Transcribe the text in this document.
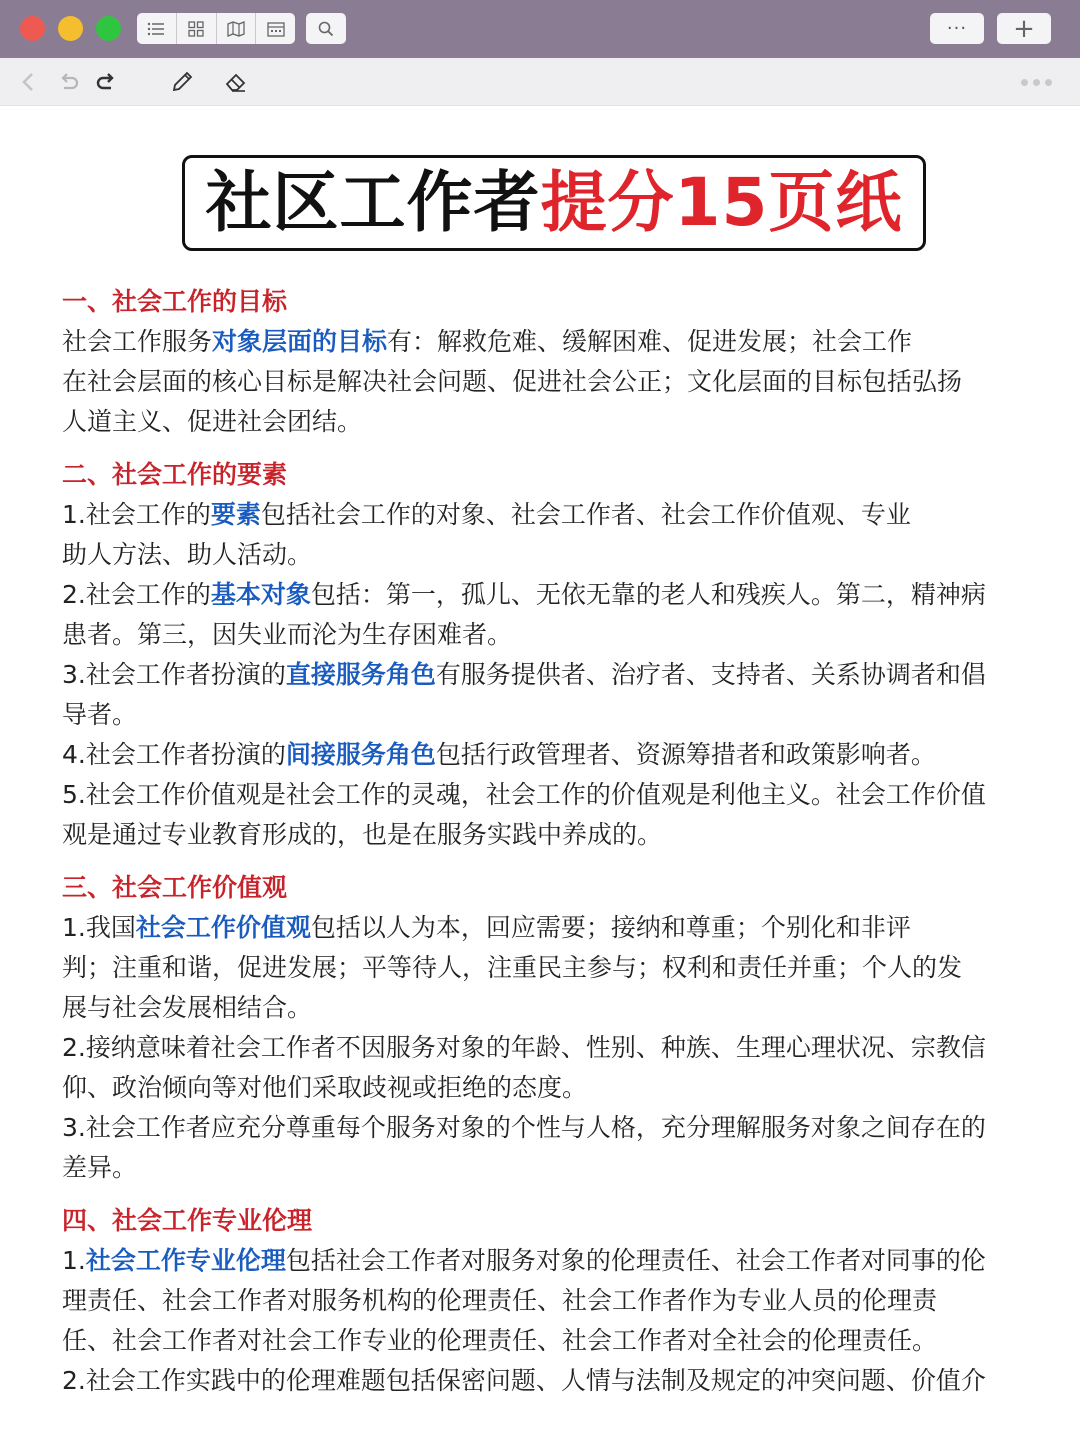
··· +
社区工作者 提分15页纸
一、社会工作的目标
社会工作服务对象层面的目标有：解救危难、缓解困难、促进发展；社会工作
在社会层面的核心目标是解决社会问题、促进社会公正；文化层面的目标包括弘扬
人道主义、促进社会团结。
二、社会工作的要素
1.社会工作的要素包括社会工作的对象、社会工作者、社会工作价值观、专业
助人方法、助人活动。
2.社会工作的基本对象包括：第一，孤儿、无依无靠的老人和残疾人。第二，精神病
患者。第三，因失业而沦为生存困难者。
3.社会工作者扮演的直接服务角色有服务提供者、治疗者、支持者、关系协调者和倡
导者。
4.社会工作者扮演的间接服务角色包括行政管理者、资源筹措者和政策影响者。
5.社会工作价值观是社会工作的灵魂，社会工作的价值观是利他主义。社会工作价值
观是通过专业教育形成的，也是在服务实践中养成的。
三、社会工作价值观
1.我国社会工作价值观包括以人为本，回应需要；接纳和尊重；个别化和非评
判；注重和谐，促进发展；平等待人，注重民主参与；权利和责任并重；个人的发
展与社会发展相结合。
2.接纳意味着社会工作者不因服务对象的年龄、性别、种族、生理心理状况、宗教信
仰、政治倾向等对他们采取歧视或拒绝的态度。
3.社会工作者应充分尊重每个服务对象的个性与人格，充分理解服务对象之间存在的
差异。
四、社会工作专业伦理
1.社会工作专业伦理包括社会工作者对服务对象的伦理责任、社会工作者对同事的伦
理责任、社会工作者对服务机构的伦理责任、社会工作者作为专业人员的伦理责
任、社会工作者对社会工作专业的伦理责任、社会工作者对全社会的伦理责任。
2.社会工作实践中的伦理难题包括保密问题、人情与法制及规定的冲突问题、价值介
